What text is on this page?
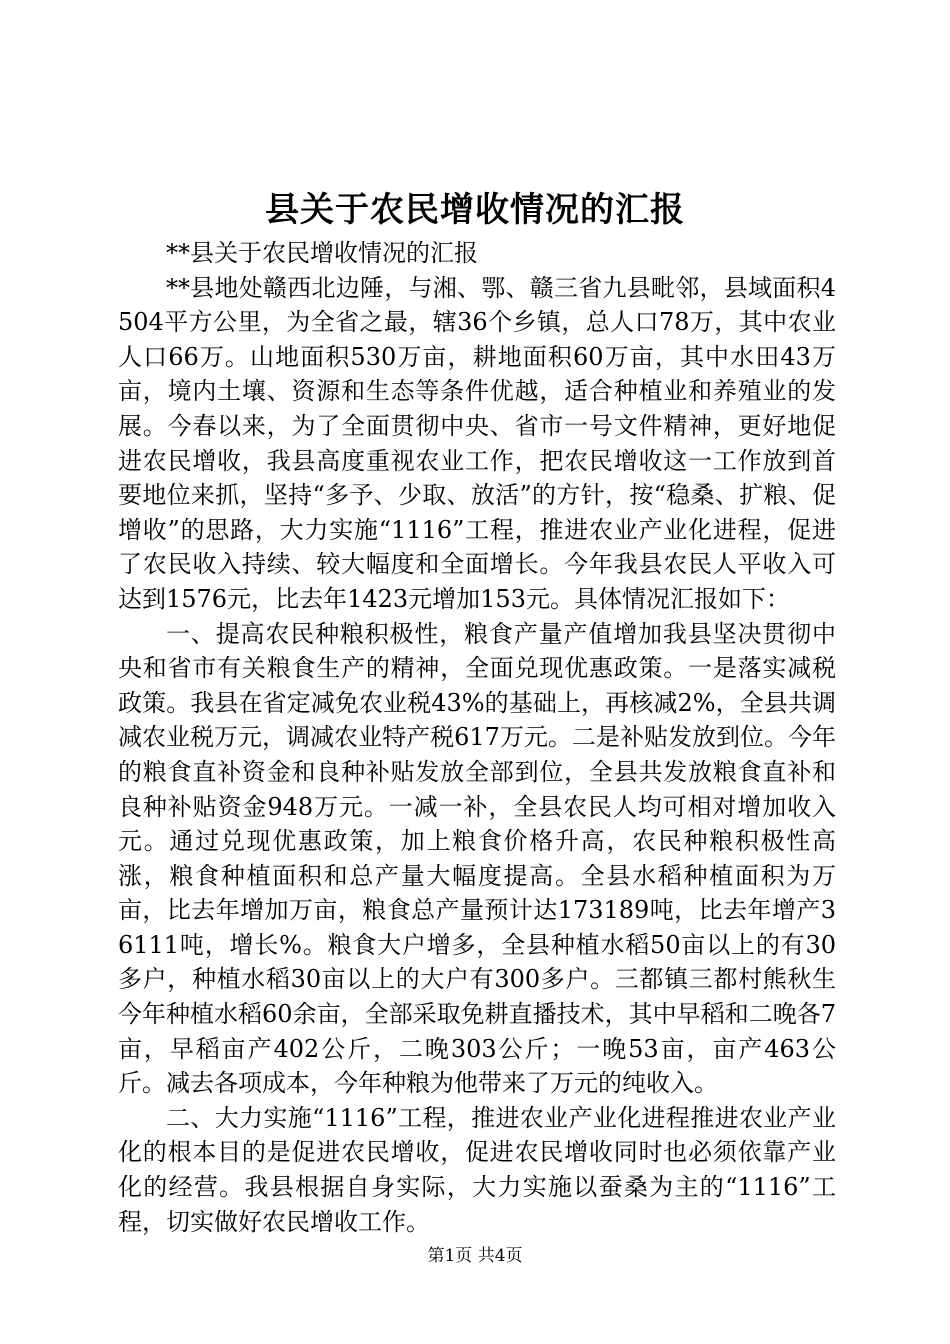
县关于农民增收情况的汇报

**县关于农民增收情况的汇报

**县地处赣西北边陲，与湘、鄂、赣三省九县毗邻，县域面积4504平方公里，为全省之最，辖36个乡镇，总人口78万，其中农业人口66万。山地面积530万亩，耕地面积60万亩，其中水田43万亩，境内土壤、资源和生态等条件优越，适合种植业和养殖业的发展。今春以来，为了全面贯彻中央、省市一号文件精神，更好地促进农民增收，我县高度重视农业工作，把农民增收这一工作放到首要地位来抓，坚持“多予、少取、放活”的方针，按“稳桑、扩粮、促增收”的思路，大力实施“1116”工程，推进农业产业化进程，促进了农民收入持续、较大幅度和全面增长。今年我县农民人平收入可达到1576元，比去年1423元增加153元。具体情况汇报如下：

一、提高农民种粮积极性，粮食产量产值增加我县坚决贯彻中央和省市有关粮食生产的精神，全面兑现优惠政策。一是落实减税政策。我县在省定减免农业税43%的基础上，再核减2%，全县共调减农业税万元，调减农业特产税617万元。二是补贴发放到位。今年的粮食直补资金和良种补贴发放全部到位，全县共发放粮食直补和良种补贴资金948万元。一减一补，全县农民人均可相对增加收入元。通过兑现优惠政策，加上粮食价格升高，农民种粮积极性高涨，粮食种植面积和总产量大幅度提高。全县水稻种植面积为万亩，比去年增加万亩，粮食总产量预计达173189吨，比去年增产36111吨，增长%。粮食大户增多，全县种植水稻50亩以上的有30多户，种植水稻30亩以上的大户有300多户。三都镇三都村熊秋生今年种植水稻60余亩，全部采取免耕直播技术，其中早稻和二晚各7亩，早稻亩产402公斤，二晚303公斤；一晚53亩，亩产463公斤。减去各项成本，今年种粮为他带来了万元的纯收入。

二、大力实施“1116”工程，推进农业产业化进程推进农业产业化的根本目的是促进农民增收，促进农民增收同时也必须依靠产业化的经营。我县根据自身实际，大力实施以蚕桑为主的“1116”工程，切实做好农民增收工作。

第1页 共4页
